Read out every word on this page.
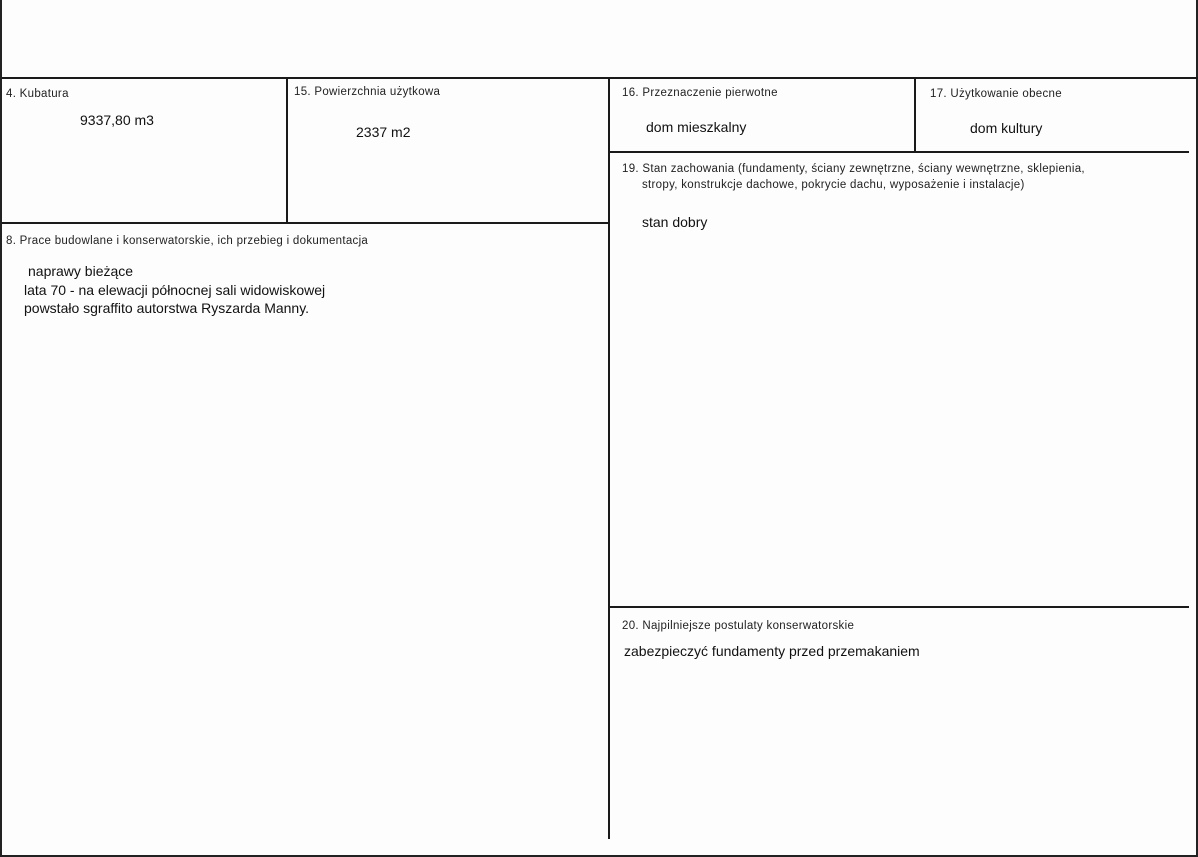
4. Kubatura
9337,80 m3
15. Powierzchnia użytkowa
2337 m2
16. Przeznaczenie pierwotne
dom mieszkalny
17. Użytkowanie obecne
dom kultury
19. Stan zachowania (fundamenty, ściany zewnętrzne, ściany wewnętrzne, sklepienia,
stropy, konstrukcje dachowe, pokrycie dachu, wyposażenie i instalacje)
stan dobry
8. Prace budowlane i konserwatorskie, ich przebieg i dokumentacja
naprawy bieżące
lata 70 - na elewacji północnej sali widowiskowej
powstało sgraffito autorstwa Ryszarda Manny.
20. Najpilniejsze postulaty konserwatorskie
zabezpieczyć fundamenty przed przemakaniem
